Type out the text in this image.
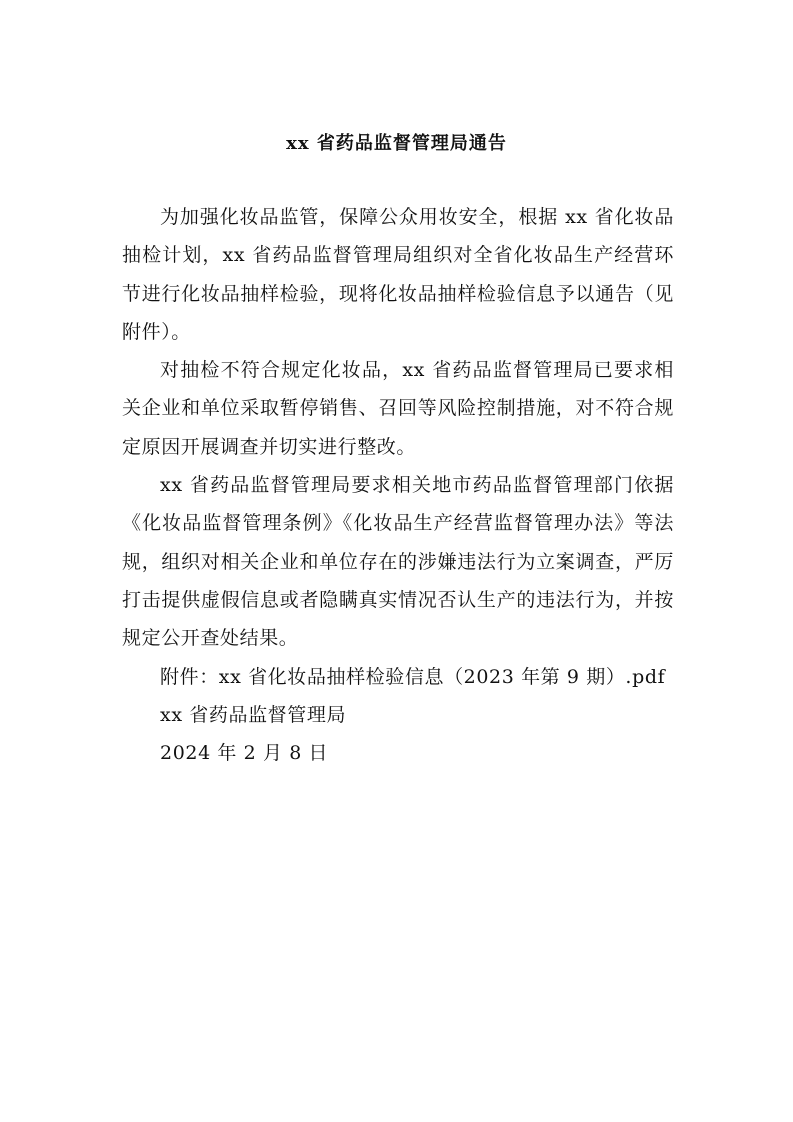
xx 省药品监督管理局通告

为加强化妆品监管，保障公众用妆安全，根据 xx 省化妆品抽检计划，xx 省药品监督管理局组织对全省化妆品生产经营环节进行化妆品抽样检验，现将化妆品抽样检验信息予以通告（见附件）。

对抽检不符合规定化妆品，xx 省药品监督管理局已要求相关企业和单位采取暂停销售、召回等风险控制措施，对不符合规定原因开展调查并切实进行整改。

xx 省药品监督管理局要求相关地市药品监督管理部门依据《化妆品监督管理条例》《化妆品生产经营监督管理办法》等法规，组织对相关企业和单位存在的涉嫌违法行为立案调查，严厉打击提供虚假信息或者隐瞒真实情况否认生产的违法行为，并按规定公开查处结果。

附件：xx 省化妆品抽样检验信息（2023 年第 9 期）.pdf

xx 省药品监督管理局

2024 年 2 月 8 日
